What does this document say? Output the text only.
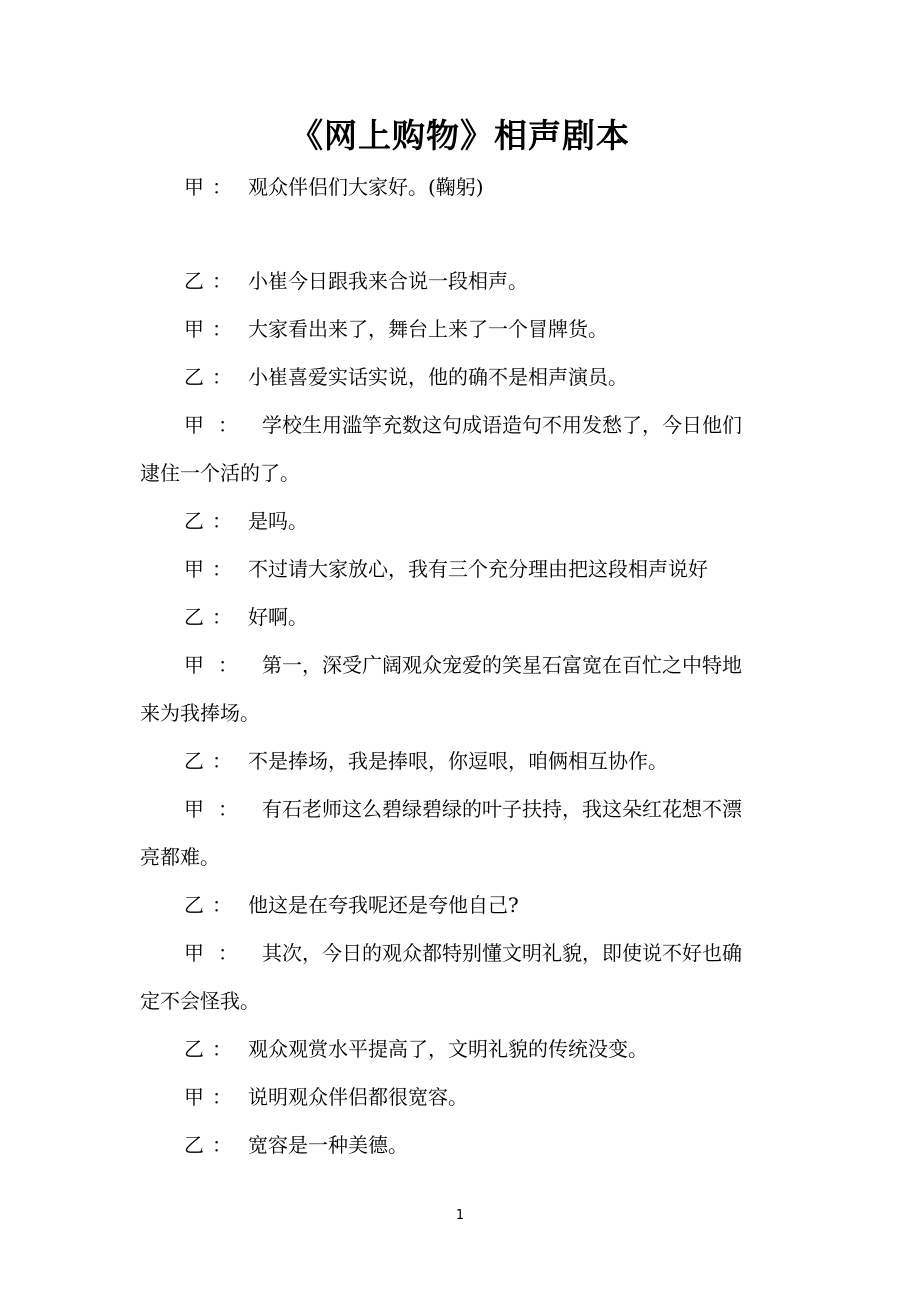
《网上购物》相声剧本
甲 ： 观众伴侣们大家好。(鞠躬)
乙 ： 小崔今日跟我来合说一段相声。
甲 ： 大家看出来了，舞台上来了一个冒牌货。
乙 ： 小崔喜爱实话实说，他的确不是相声演员。
甲 ： 学校生用滥竽充数这句成语造句不用发愁了，今日他们
逮住一个活的了。
乙 ： 是吗。
甲 ： 不过请大家放心，我有三个充分理由把这段相声说好
乙 ： 好啊。
甲 ： 第一，深受广阔观众宠爱的笑星石富宽在百忙之中特地
来为我捧场。
乙 ： 不是捧场，我是捧哏，你逗哏，咱俩相互协作。
甲 ： 有石老师这么碧绿碧绿的叶子扶持，我这朵红花想不漂
亮都难。
乙 ： 他这是在夸我呢还是夸他自己?
甲 ： 其次，今日的观众都特别懂文明礼貌，即使说不好也确
定不会怪我。
乙 ： 观众观赏水平提高了，文明礼貌的传统没变。
甲 ： 说明观众伴侣都很宽容。
乙 ： 宽容是一种美德。
1
